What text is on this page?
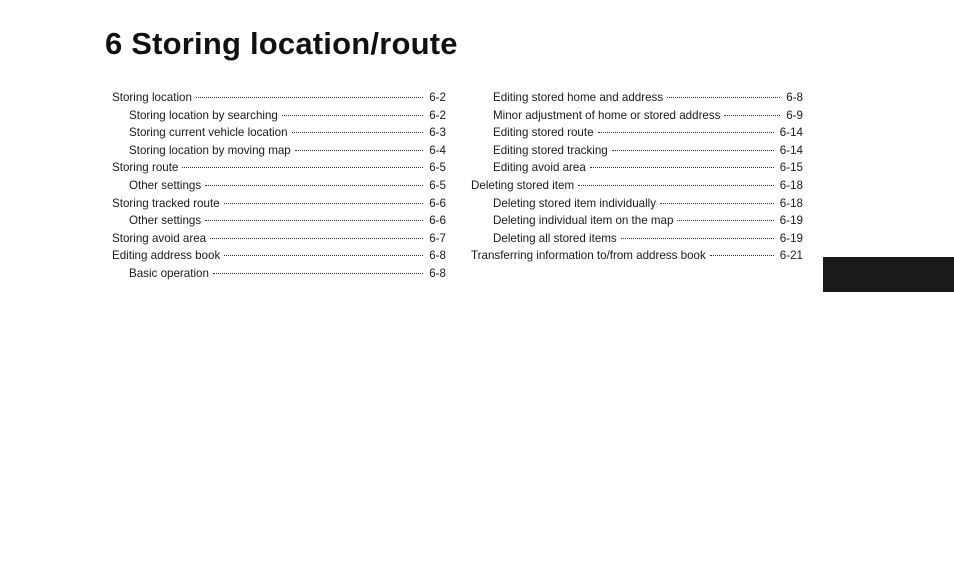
6 Storing location/route
Storing location	6-2
Storing location by searching	6-2
Storing current vehicle location	6-3
Storing location by moving map	6-4
Storing route	6-5
Other settings	6-5
Storing tracked route	6-6
Other settings	6-6
Storing avoid area	6-7
Editing address book	6-8
Basic operation	6-8
Editing stored home and address	6-8
Minor adjustment of home or stored address	6-9
Editing stored route	6-14
Editing stored tracking	6-14
Editing avoid area	6-15
Deleting stored item	6-18
Deleting stored item individually	6-18
Deleting individual item on the map	6-19
Deleting all stored items	6-19
Transferring information to/from address book	6-21
